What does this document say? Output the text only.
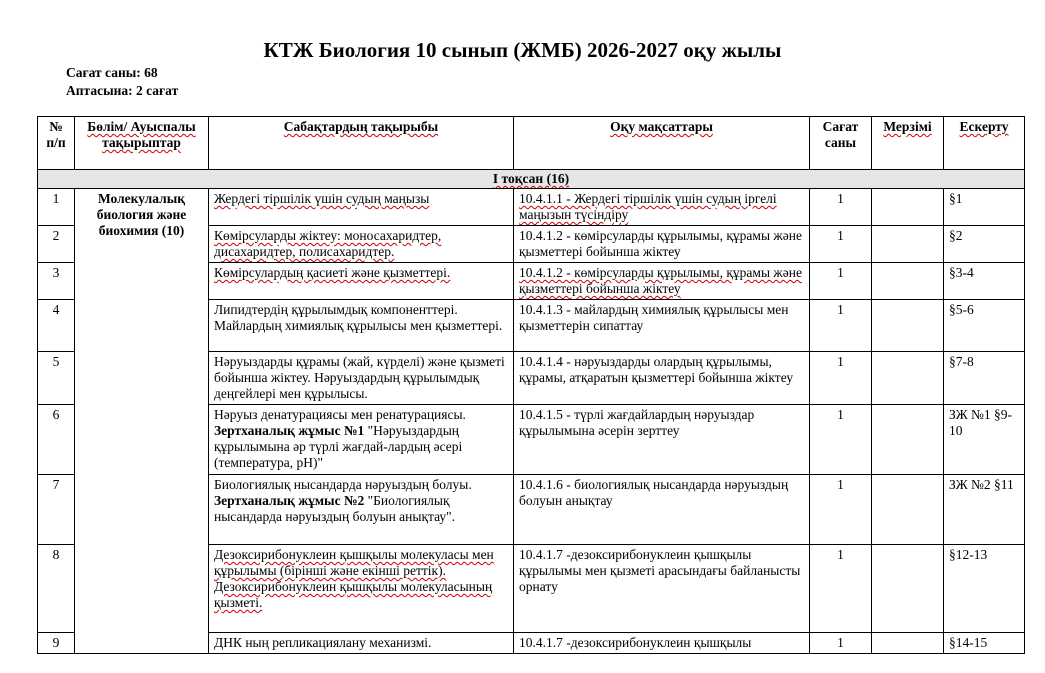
КТЖ Биология 10 сынып (ЖМБ) 2026-2027 оқу жылы
Сағат саны: 68
Аптасына: 2 сағат
№ п/п	Бөлім/ Ауыспалы тақырыптар	Сабақтардың тақырыбы	Оқу мақсаттары	Сағат саны	Мерзімі	Ескерту
I тоқсан (16)						
1	Молекулалық биология және биохимия (10)	Жердегі тіршілік үшін судың маңызы	10.4.1.1 - Жердегі тіршілік үшін судың іргелі маңызын түсіндіру	1		§1
2		Көмірсуларды жіктеу: моносахаридтер, дисахаридтер, полисахаридтер.	10.4.1.2 - көмірсуларды құрылымы, құрамы және қызметтері бойынша жіктеу	1		§2
3		Көмірсулардың қасиеті және қызметтері.	10.4.1.2 - көмірсуларды құрылымы, құрамы және қызметтері бойынша жіктеу	1		§3-4
4		Липидтердің құрылымдық компоненттері. Майлардың химиялық құрылысы мен қызметтері.	10.4.1.3 - майлардың химиялық құрылысы мен қызметтерін сипаттау	1		§5-6
5		Нәруыздарды құрамы (жай, күрделі) және қызметі бойынша жіктеу. Нәруыздардың құрылымдық деңгейлері мен құрылысы.	10.4.1.4 - нәруыздарды олардың құрылымы, құрамы, атқаратын қызметтері бойынша жіктеу	1		§7-8
6		Нәруыз денатурациясы мен ренатурациясы. Зертханалық жұмыс №1 "Нәруыздардың құрылымына әр түрлі жағдай-лардың әсері (температура, pH)"	10.4.1.5 - түрлі жағдайлардың нәруыздар құрылымына әсерін зерттеу	1		ЗЖ №1 §9-10
7		Биологиялық нысандарда нәруыздың болуы. Зертханалық жұмыс №2 "Биологиялық нысандарда нәруыздың болуын анықтау".	10.4.1.6 - биологиялық нысандарда нәруыздың болуын анықтау	1		ЗЖ №2 §11
8		Дезоксирибонуклеин қышқылы молекуласы мен құрылымы (бірінші және екінші реттік). Дезоксирибонуклеин қышқылы молекуласының қызметі.	10.4.1.7 -дезоксирибонуклеин қышқылы құрылымы мен қызметі арасындағы байланысты орнату	1		§12-13
9		ДНК ның репликациялану механизмі.	10.4.1.7 -дезоксирибонуклеин қышқылы	1		§14-15
